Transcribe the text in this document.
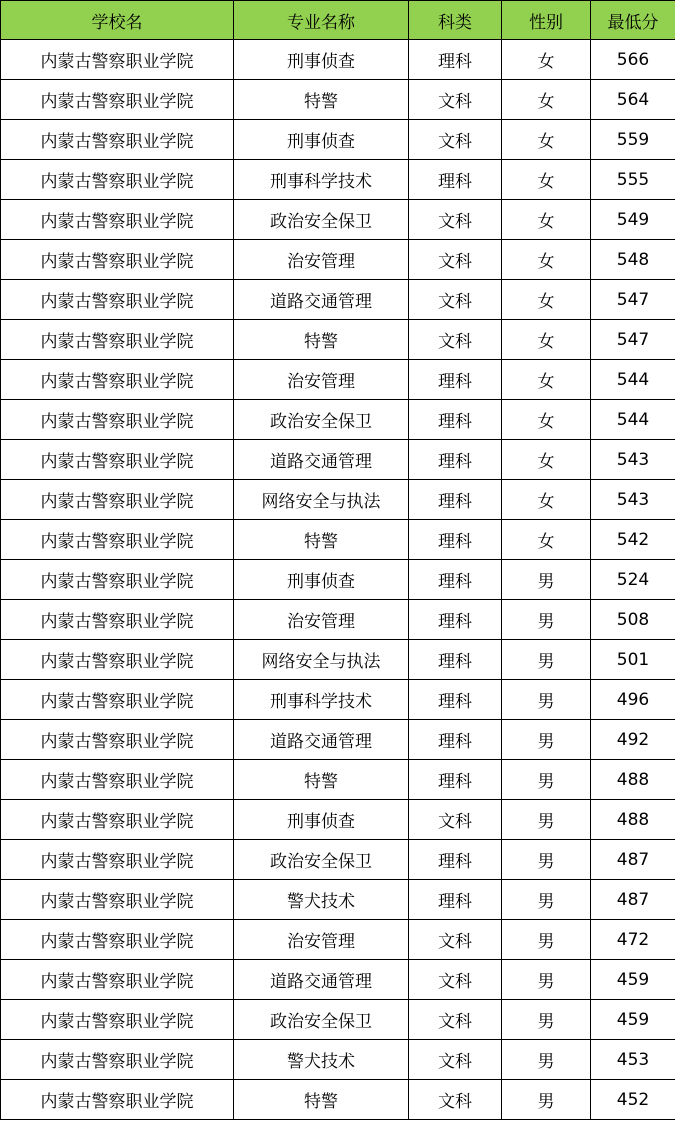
学校名	专业名称	科类	性别	最低分
内蒙古警察职业学院	刑事侦查	理科	女	566
内蒙古警察职业学院	特警	文科	女	564
内蒙古警察职业学院	刑事侦查	文科	女	559
内蒙古警察职业学院	刑事科学技术	理科	女	555
内蒙古警察职业学院	政治安全保卫	文科	女	549
内蒙古警察职业学院	治安管理	文科	女	548
内蒙古警察职业学院	道路交通管理	文科	女	547
内蒙古警察职业学院	特警	文科	女	547
内蒙古警察职业学院	治安管理	理科	女	544
内蒙古警察职业学院	政治安全保卫	理科	女	544
内蒙古警察职业学院	道路交通管理	理科	女	543
内蒙古警察职业学院	网络安全与执法	理科	女	543
内蒙古警察职业学院	特警	理科	女	542
内蒙古警察职业学院	刑事侦查	理科	男	524
内蒙古警察职业学院	治安管理	理科	男	508
内蒙古警察职业学院	网络安全与执法	理科	男	501
内蒙古警察职业学院	刑事科学技术	理科	男	496
内蒙古警察职业学院	道路交通管理	理科	男	492
内蒙古警察职业学院	特警	理科	男	488
内蒙古警察职业学院	刑事侦查	文科	男	488
内蒙古警察职业学院	政治安全保卫	理科	男	487
内蒙古警察职业学院	警犬技术	理科	男	487
内蒙古警察职业学院	治安管理	文科	男	472
内蒙古警察职业学院	道路交通管理	文科	男	459
内蒙古警察职业学院	政治安全保卫	文科	男	459
内蒙古警察职业学院	警犬技术	文科	男	453
内蒙古警察职业学院	特警	文科	男	452
